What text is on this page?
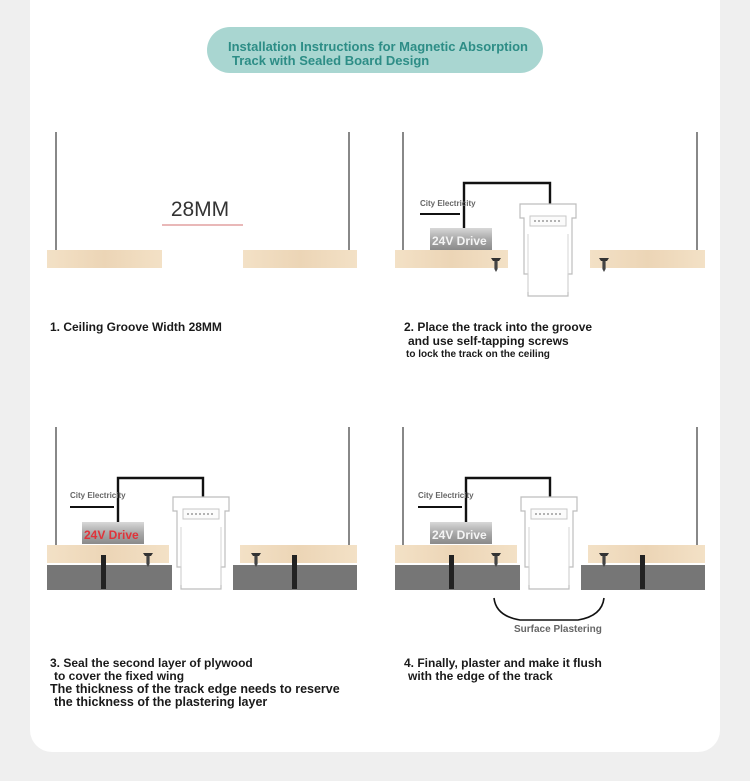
Installation Instructions for Magnetic Absorption
Track with Sealed Board Design
28MM	City Electricity
24V Drive
City Electricity
24V Drive
City Electricity
24V Drive
Surface Plastering
1. Ceiling Groove Width 28MM	2. Place the track into the groove
and use self-tapping screws
to lock the track on the ceiling
3. Seal the second layer of plywood
to cover the fixed wing
The thickness of the track edge needs to reserve
the thickness of the plastering layer
4. Finally, plaster and make it flush
with the edge of the track
